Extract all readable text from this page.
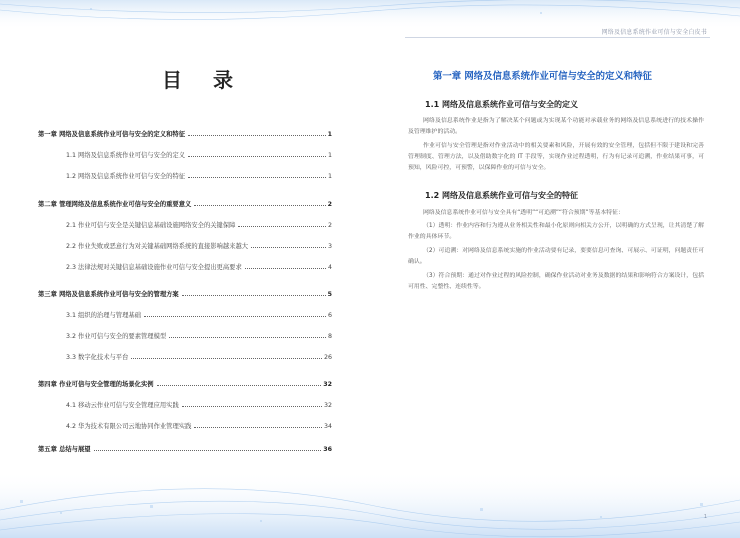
网络及信息系统作业可信与安全白皮书
目 录
第一章 网络及信息系统作业可信与安全的定义和特征	1
1.1 网络及信息系统作业可信与安全的定义	1
1.2 网络及信息系统作业可信与安全的特征	1
第二章 管理网络及信息系统作业可信与安全的重要意义	2
2.1 作业可信与安全是关键信息基础设施网络安全的关键保障	2
2.2 作业失败或恶意行为对关键基础网络系统的直接影响越来越大	3
2.3 法律法规对关键信息基础设施作业可信与安全提出更高要求	4
第三章 网络及信息系统作业可信与安全的管理方案	5
3.1 组织的治理与管理基础	6
3.2 作业可信与安全的要素管理模型	8
3.3 数字化技术与平台	26
第四章 作业可信与安全管理的场景化实例	32
4.1 移动云作业可信与安全管理应用实践	32
4.2 华为技术有限公司云地协同作业管理实践	34
第五章 总结与展望	36
第一章 网络及信息系统作业可信与安全的定义和特征
1.1 网络及信息系统作业可信与安全的定义

网络及信息系统作业是指为了解决某个问题或为实现某个功能对承载业务的网络及信息系统进行的技术操作及管理维护的活动。

作业可信与安全管理是指对作业活动中的相关要素和风险，开展有效的安全管理，包括但不限于建设和完善管理制度、管理方法，以及借助数字化的 IT 手段等，实现作业过程透明，行为有记录可追溯，作业结果可事，可预知，风险可控，可预警，以保障作业的可信与安全。

1.2 网络及信息系统作业可信与安全的特征

网络及信息系统作业可信与安全具有“透明”“可追溯”“符合预期”等基本特征：

（1）透明：作业内容和行为遵从业务相关性和最小化原则向相关方公开，以明确的方式呈现，让其清楚了解作业的具体环节。

（2）可追溯：对网络及信息系统实施的作业活动要有记录，要要信息可查询、可展示、可证明，问题责任可确认。

（3）符合预期：通过对作业过程的风险控制，确保作业活动对业务及数据的结果和影响符合方案设计，包括可用性、完整性、连续性等。

1
